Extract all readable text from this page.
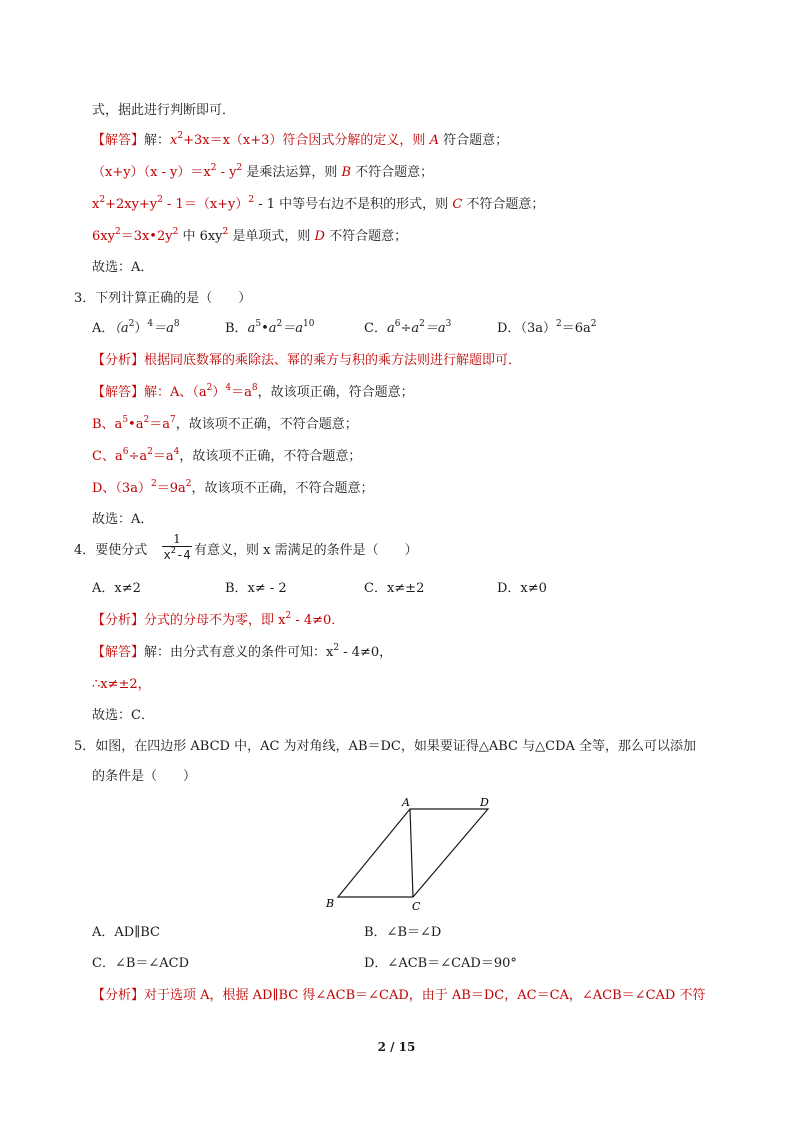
式，据此进行判断即可．
【解答】解：$x^2+3x=x(x+3)$符合因式分解的定义，则 A 符合题意；
$(x+y)(x - y)=x^2 - y^2$ 是乘法运算，则 B 不符合题意；
$x^2+2xy+y^2 - 1=(x+y)^2 - 1$ 中等号右边不是积的形式，则 C 不符合题意；
$6xy^2=3x•2y^2$ 中 $6xy^2$ 是单项式，则 D 不符合题意；
故选：A．
3．下列计算正确的是（　　）
A．$(a^2)^4=a^8$	B．$a^5•a^2=a^{10}$	C．$a^6\div a^2=a^3$	D．$(3a)^2=6a^2$
【分析】根据同底数幂的乘除法、幂的乘方与积的乘方法则进行解题即可．
【解答】解：A、$(a^2)^4=a^8$，故该项正确，符合题意；
B、$a^5•a^2=a^7$，故该项不正确，不符合题意；
C、$a^6\div a^2=a^4$，故该项不正确，不符合题意；
D、$(3a)^2=9a^2$，故该项不正确，不符合题意；
故选：A．
4．要使分式 $\frac{1}{x^2-4}$ 有意义，则 x 需满足的条件是（　　）
A．x≠2	B．x≠ - 2	C．x≠±2	D．x≠0
【分析】分式的分母不为零，即 $x^2 - 4\ne 0$．
【解答】解：由分式有意义的条件可知：$x^2 - 4\ne 0$，
∴x≠±2，
故选：C．
5．如图，在四边形 ABCD 中，AC 为对角线，AB＝DC，如果要证得△ABC 与△CDA 全等，那么可以添加
的条件是（　　）
A	D
B	C
A．AD∥BC	B．∠B＝∠D
C．∠B＝∠ACD	D．∠ACB＝∠CAD＝90°
【分析】对于选项 A，根据 AD∥BC 得∠ACB＝∠CAD，由于 AB＝DC，AC＝CA，∠ACB＝∠CAD 不符
2 / 15
